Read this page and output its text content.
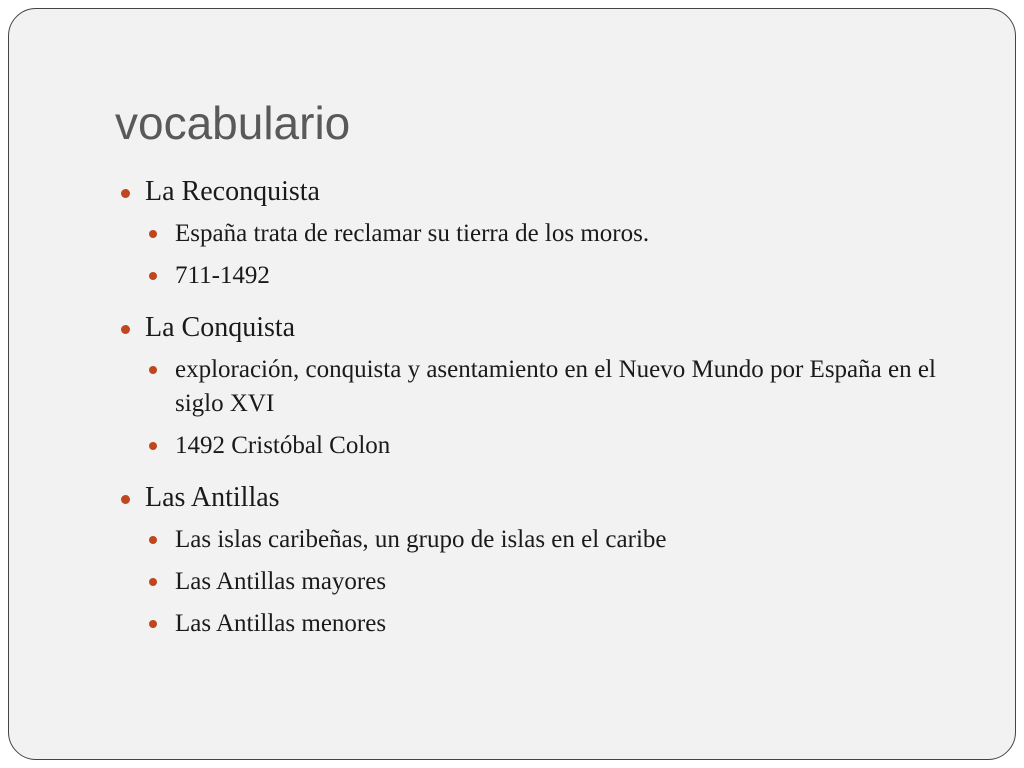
vocabulario
La Reconquista
España trata de reclamar su tierra de los moros.
711-1492
La Conquista
exploración, conquista y asentamiento en el Nuevo Mundo por España en el siglo XVI
1492 Cristóbal Colon
Las Antillas
Las islas caribeñas, un grupo de islas en el caribe
Las Antillas mayores
Las Antillas menores
